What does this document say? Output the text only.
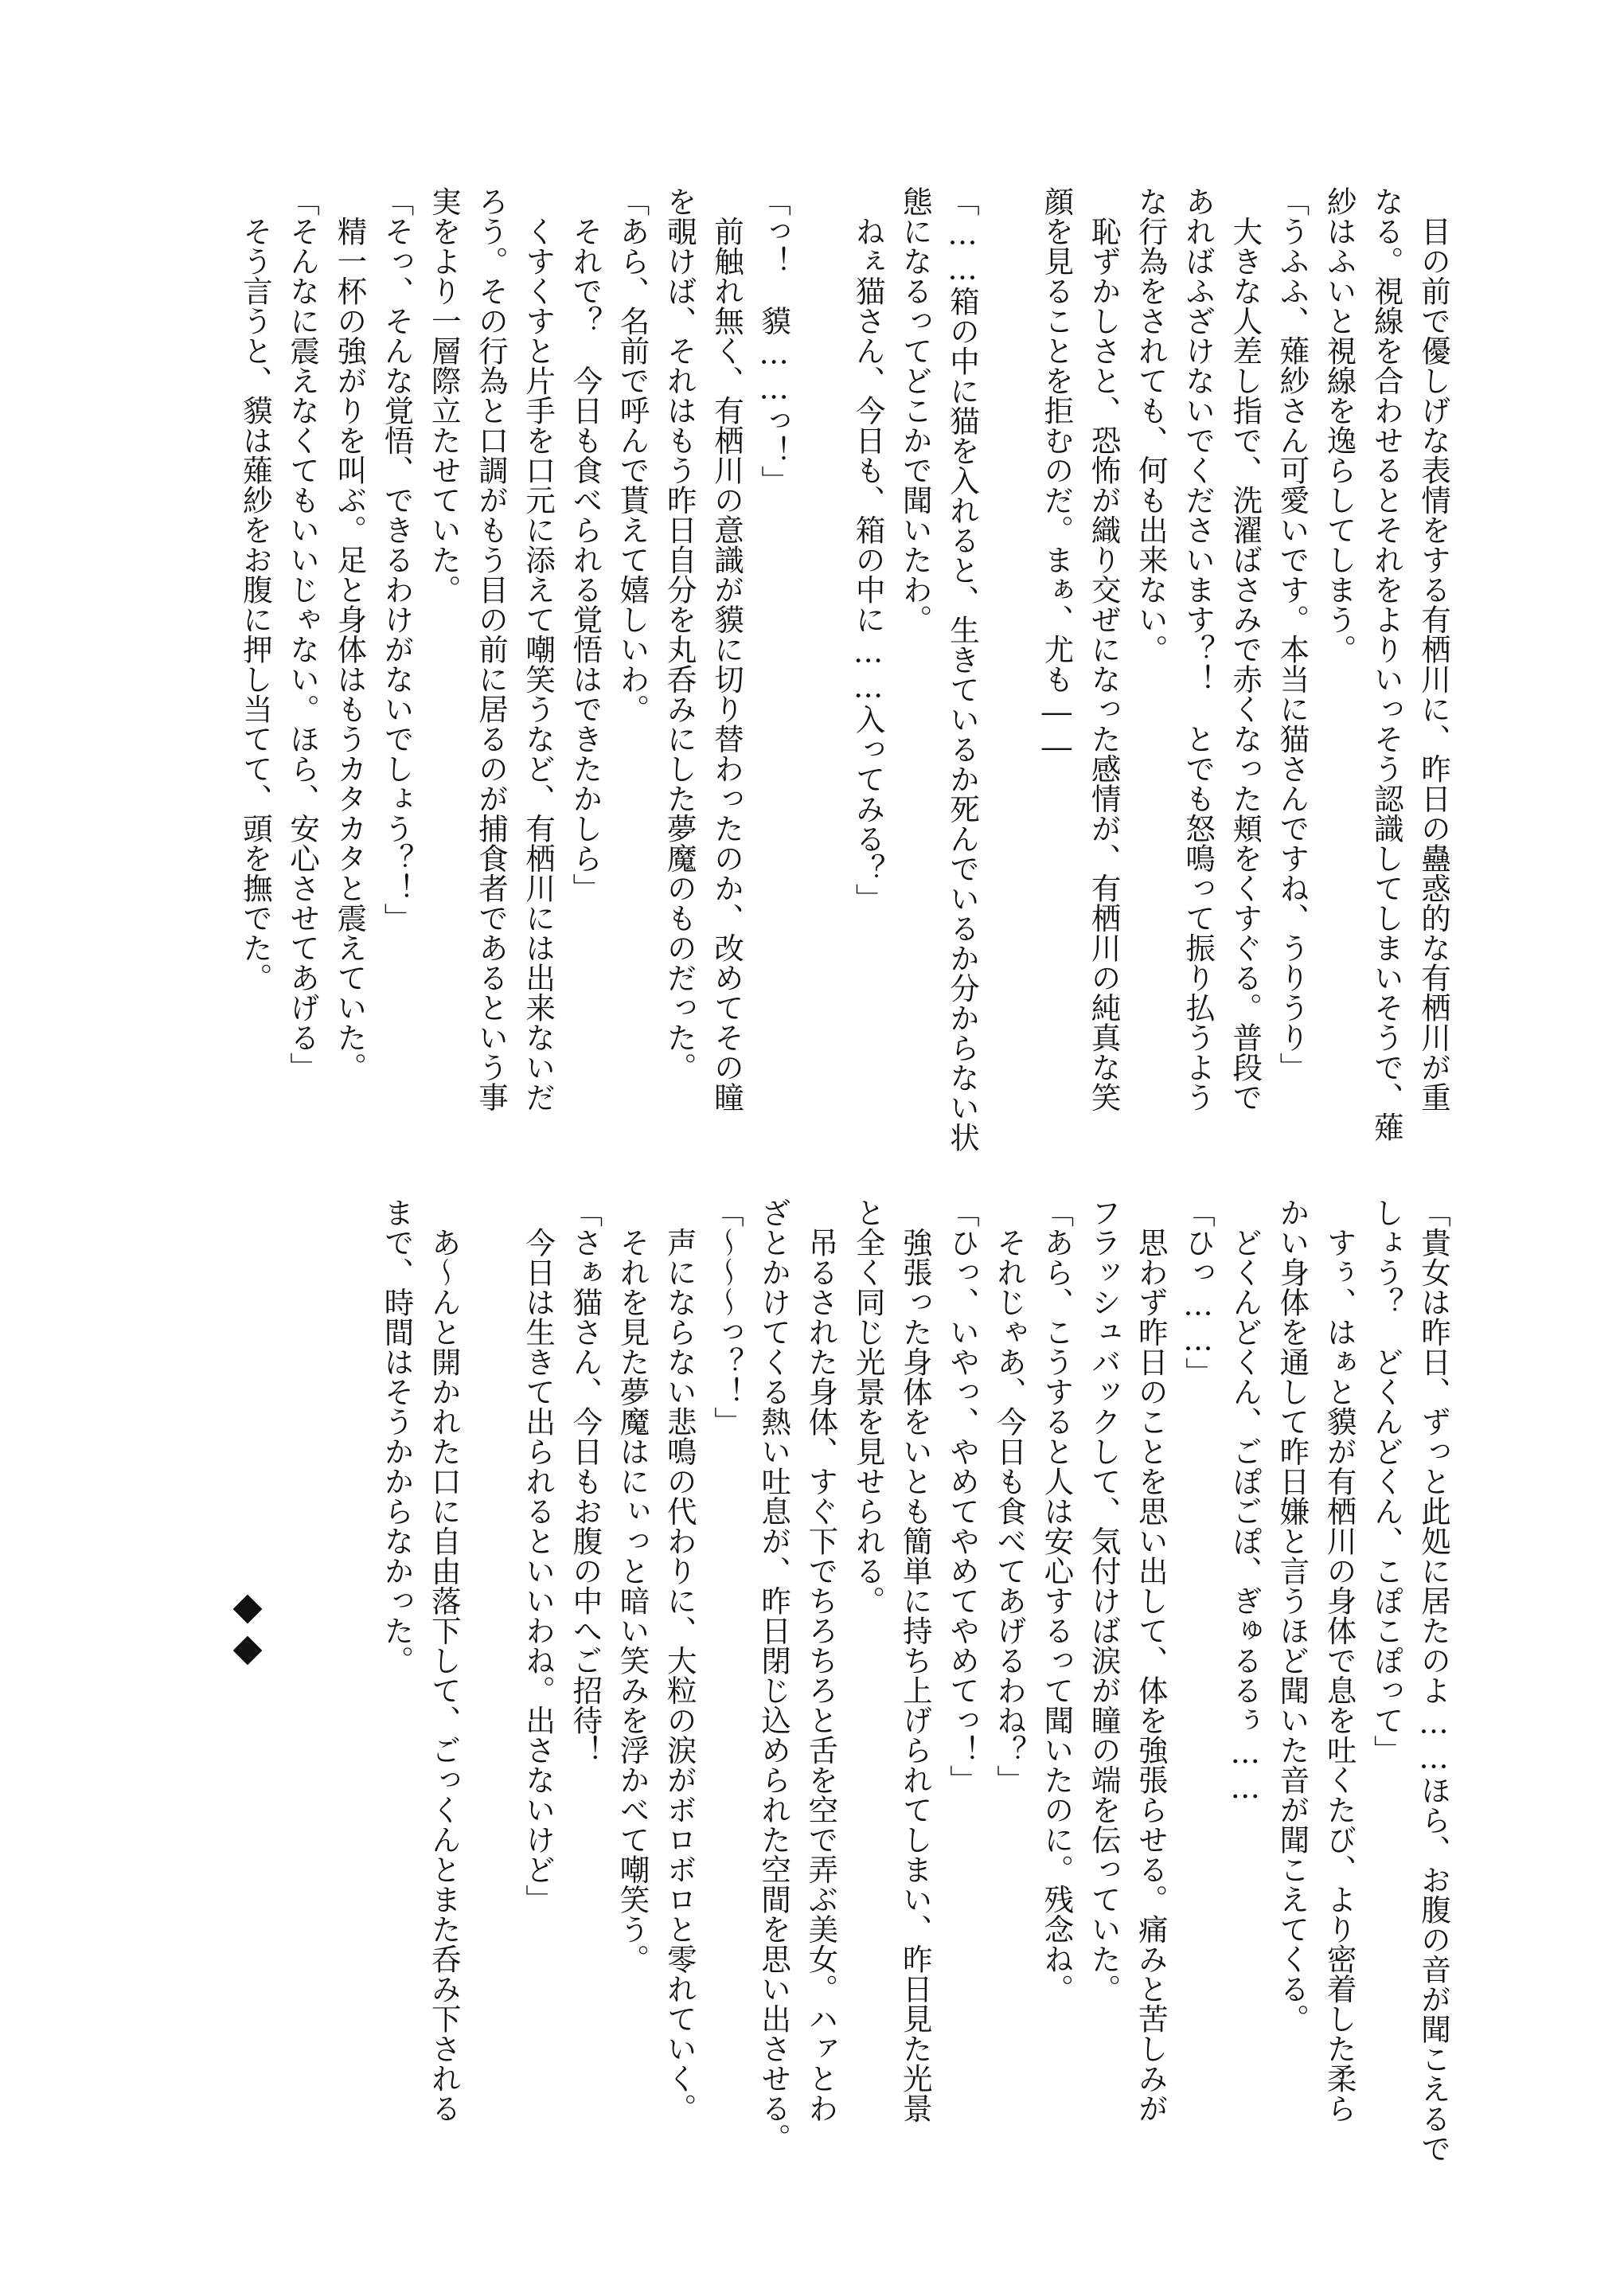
　目の前で優しげな表情をする有栖川に、昨日の蠱惑的な有栖川が重
なる。視線を合わせるとそれをよりいっそう認識してしまいそうで、薙
紗はふいと視線を逸らしてしまう。
「うふふ、薙紗さん可愛いです。本当に猫さんですね、うりうり」
　大きな人差し指で、洗濯ばさみで赤くなった頬をくすぐる。普段で
あればふざけないでくださいます？！　とでも怒鳴って振り払うよう
な行為をされても、何も出来ない。
　恥ずかしさと、恐怖が織り交ぜになった感情が、有栖川の純真な笑
顔を見ることを拒むのだ。まぁ、尤も――
「……箱の中に猫を入れると、生きているか死んでいるか分からない状
態になるってどこかで聞いたわ。
　ねぇ猫さん、今日も、箱の中に……入ってみる？」
「っ！　貘……っ！」
　前触れ無く、有栖川の意識が貘に切り替わったのか、改めてその瞳
を覗けば、それはもう昨日自分を丸呑みにした夢魔のものだった。
「あら、名前で呼んで貰えて嬉しいわ。
　それで？　今日も食べられる覚悟はできたかしら」
　くすくすと片手を口元に添えて嘲笑うなど、有栖川には出来ないだ
ろう。その行為と口調がもう目の前に居るのが捕食者であるという事
実をより一層際立たせていた。
「そっ、そんな覚悟、できるわけがないでしょう？！」
　精一杯の強がりを叫ぶ。足と身体はもうカタカタと震えていた。
「そんなに震えなくてもいいじゃない。ほら、安心させてあげる」
　そう言うと、貘は薙紗をお腹に押し当てて、頭を撫でた。
「貴女は昨日、ずっと此処に居たのよ……ほら、お腹の音が聞こえるで
しょう？　どくんどくん、こぽこぽって」
　すぅ、はぁと貘が有栖川の身体で息を吐くたび、より密着した柔ら
かい身体を通して昨日嫌と言うほど聞いた音が聞こえてくる。
　どくんどくん、ごぽごぽ、ぎゅるるぅ……
「ひっ……」
　思わず昨日のことを思い出して、体を強張らせる。痛みと苦しみが
フラッシュバックして、気付けば涙が瞳の端を伝っていた。
「あら、こうすると人は安心するって聞いたのに。残念ね。
　それじゃあ、今日も食べてあげるわね？」
「ひっ、いやっ、やめてやめてやめてっ！」
　強張った身体をいとも簡単に持ち上げられてしまい、昨日見た光景
と全く同じ光景を見せられる。
　吊るされた身体、すぐ下でちろちろと舌を空で弄ぶ美女。ハァとわ
ざとかけてくる熱い吐息が、昨日閉じ込められた空間を思い出させる。
「～～～っ？！」
　声にならない悲鳴の代わりに、大粒の涙がボロボロと零れていく。
　それを見た夢魔はにぃっと暗い笑みを浮かべて嘲笑う。
「さぁ猫さん、今日もお腹の中へご招待！
　今日は生きて出られるといいわね。出さないけど」
　あ～んと開かれた口に自由落下して、ごっくんとまた呑み下される
まで、時間はそうかからなかった。
